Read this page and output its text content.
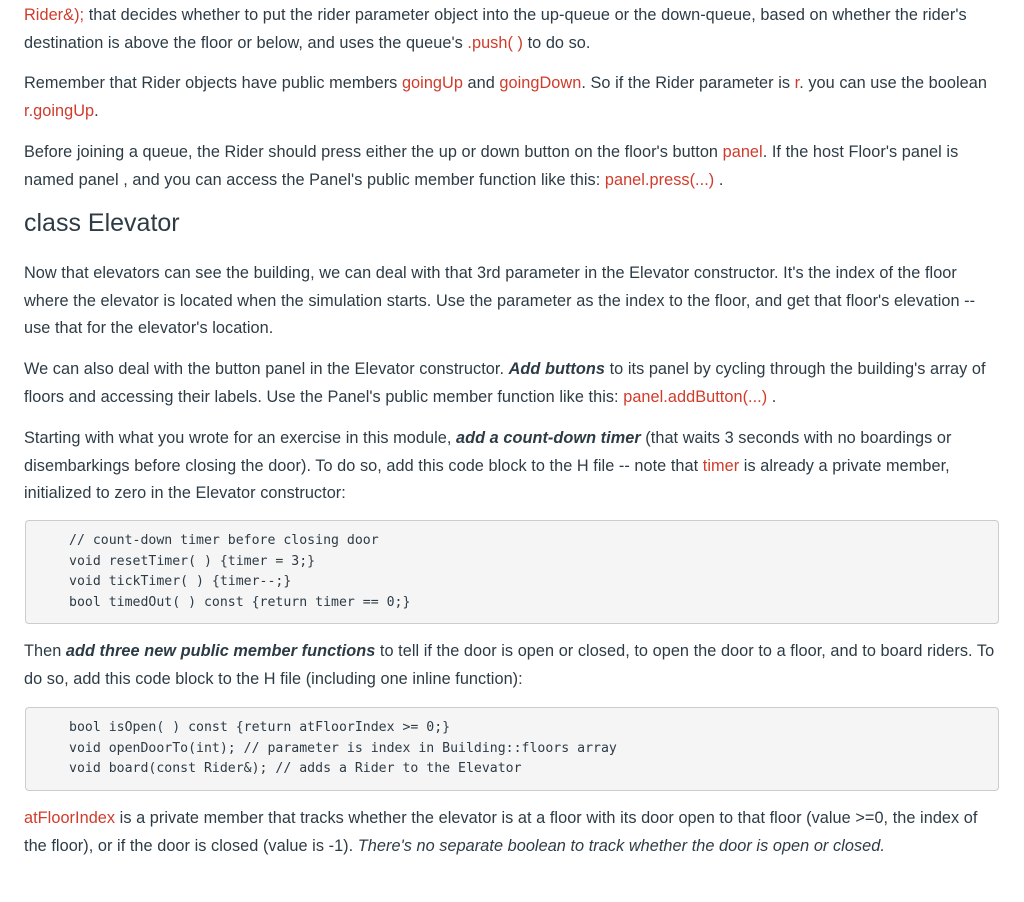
Rider&); that decides whether to put the rider parameter object into the up-queue or the down-queue, based on whether the rider's destination is above the floor or below, and uses the queue's .push( ) to do so.

Remember that Rider objects have public members goingUp and goingDown. So if the Rider parameter is r. you can use the boolean r.goingUp.

Before joining a queue, the Rider should press either the up or down button on the floor's button panel. If the host Floor's panel is named panel , and you can access the Panel's public member function like this: panel.press(...) .

class Elevator

Now that elevators can see the building, we can deal with that 3rd parameter in the Elevator constructor. It's the index of the floor where the elevator is located when the simulation starts. Use the parameter as the index to the floor, and get that floor's elevation -- use that for the elevator's location.

We can also deal with the button panel in the Elevator constructor. Add buttons to its panel by cycling through the building's array of floors and accessing their labels. Use the Panel's public member function like this: panel.addButton(...) .

Starting with what you wrote for an exercise in this module, add a count-down timer (that waits 3 seconds with no boardings or disembarkings before closing the door). To do so, add this code block to the H file -- note that timer is already a private member, initialized to zero in the Elevator constructor:

// count-down timer before closing door
void resetTimer( ) {timer = 3;}
void tickTimer( ) {timer--;}
bool timedOut( ) const {return timer == 0;}

Then add three new public member functions to tell if the door is open or closed, to open the door to a floor, and to board riders. To do so, add this code block to the H file (including one inline function):

bool isOpen( ) const {return atFloorIndex >= 0;}
void openDoorTo(int); // parameter is index in Building::floors array
void board(const Rider&); // adds a Rider to the Elevator

atFloorIndex is a private member that tracks whether the elevator is at a floor with its door open to that floor (value >=0, the index of the floor), or if the door is closed (value is -1). There's no separate boolean to track whether the door is open or closed.
